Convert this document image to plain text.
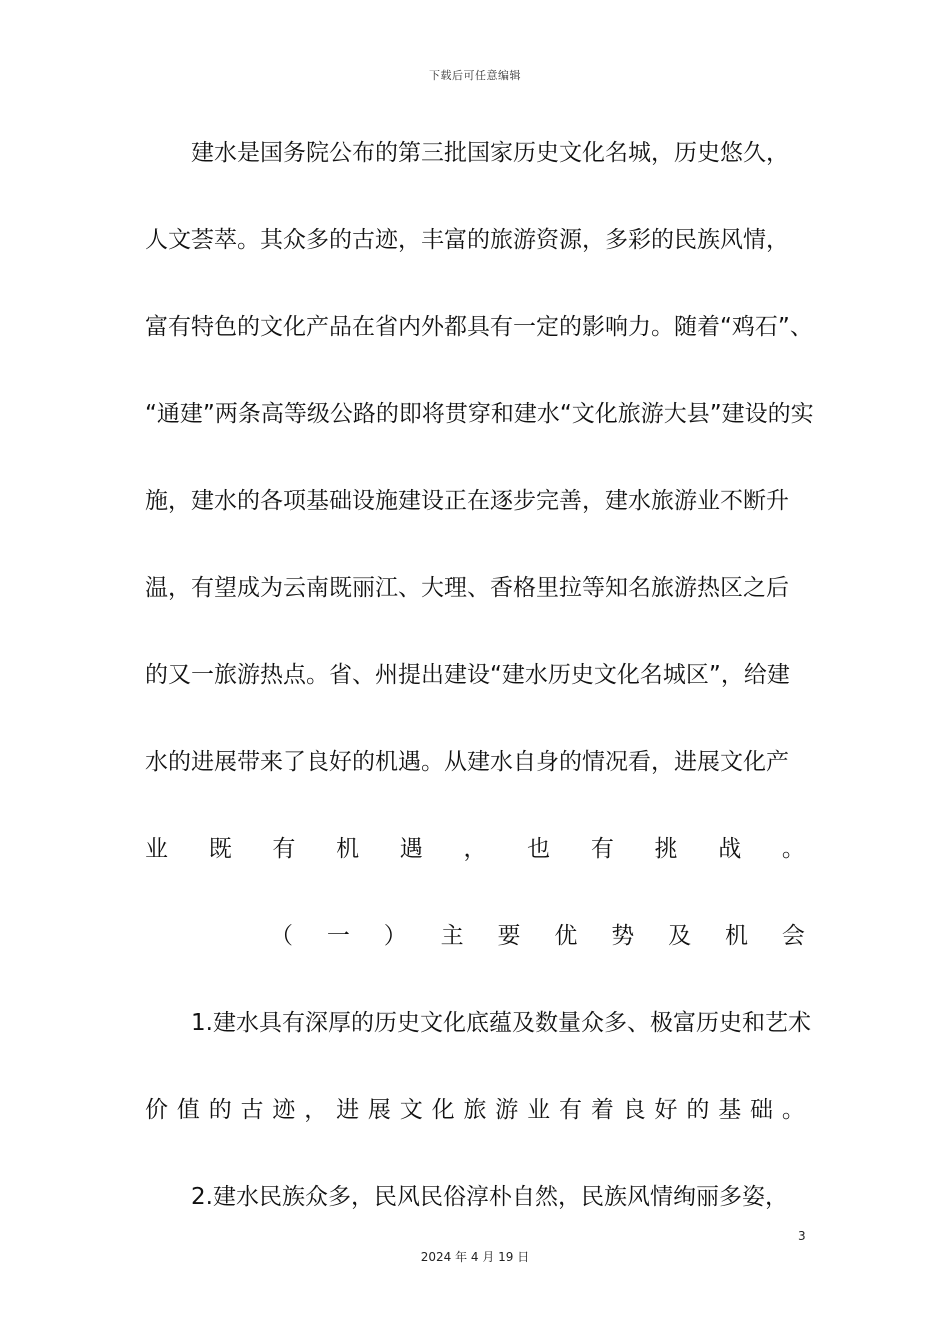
下载后可任意编辑
建水是国务院公布的第三批国家历史文化名城，历史悠久，
人文荟萃。其众多的古迹，丰富的旅游资源，多彩的民族风情，
富有特色的文化产品在省内外都具有一定的影响力。随着“鸡石”、
“通建”两条高等级公路的即将贯穿和建水“文化旅游大县”建设的实
施，建水的各项基础设施建设正在逐步完善，建水旅游业不断升
温，有望成为云南既丽江、大理、香格里拉等知名旅游热区之后
的又一旅游热点。省、州提出建设“建水历史文化名城区”，给建
水的进展带来了良好的机遇。从建水自身的情况看，进展文化产
业 既 有 机 遇 ， 也 有 挑 战 。
（ 一 ） 主 要 优 势 及 机 会
1.建水具有深厚的历史文化底蕴及数量众多、极富历史和艺术
价 值 的 古 迹 ， 进 展 文 化 旅 游 业 有 着 良 好 的 基 础 。
2.建水民族众多，民风民俗淳朴自然，民族风情绚丽多姿，
3
2024 年 4 月 19 日
